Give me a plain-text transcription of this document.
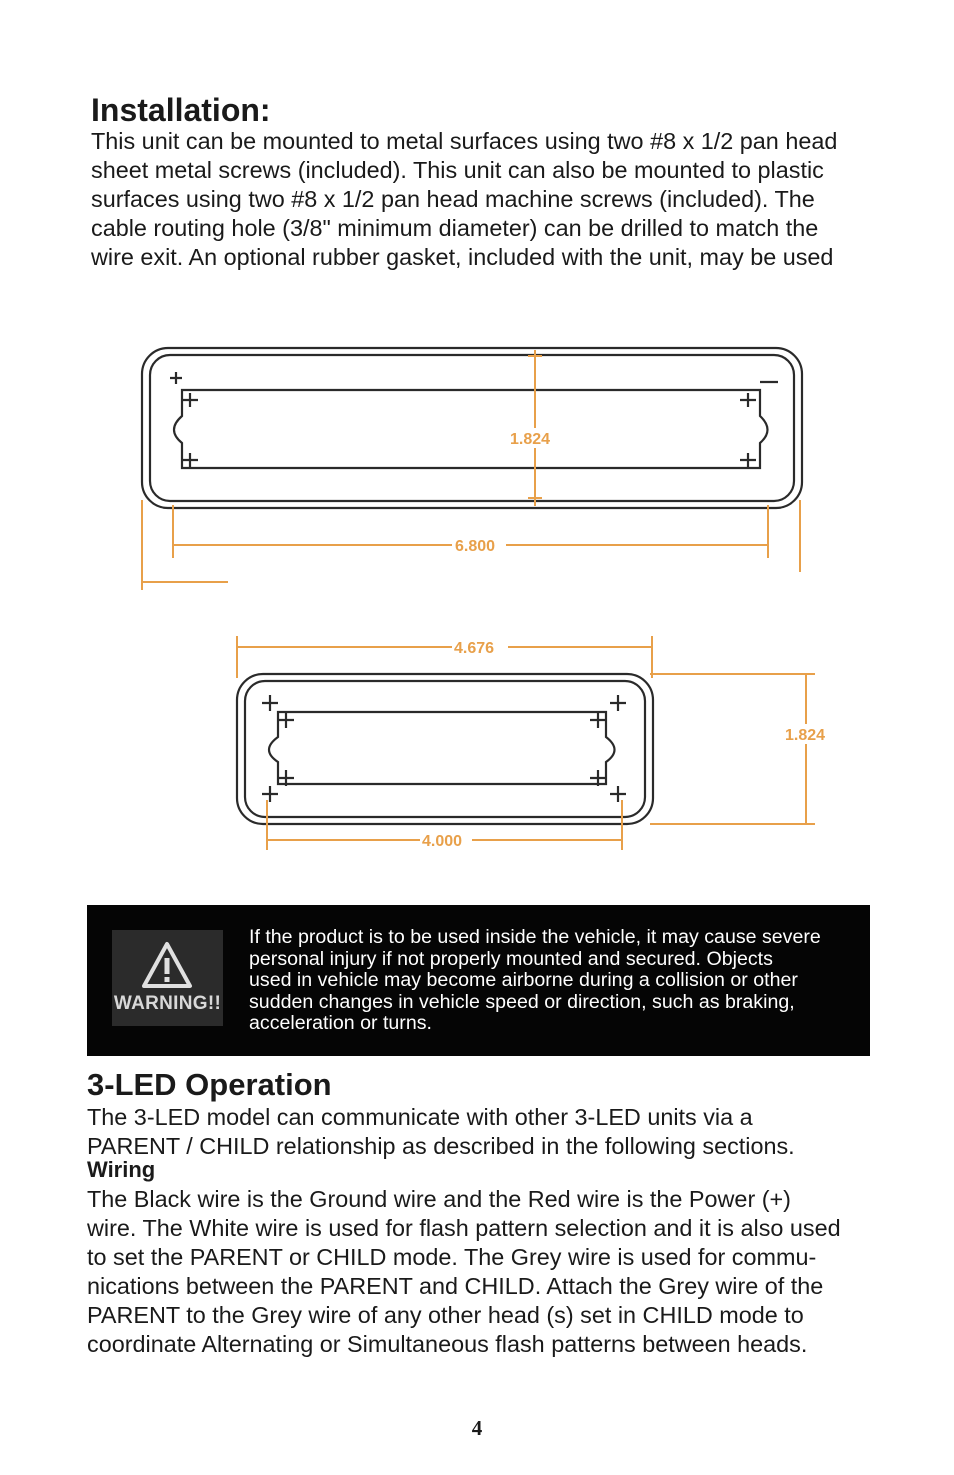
Installation:
This unit can be mounted to metal surfaces using two #8 x 1/2 pan head
sheet metal screws (included). This unit can also be mounted to plastic
surfaces using two #8 x 1/2 pan head machine screws (included). The
cable routing hole (3/8" minimum diameter) can be drilled to match the
wire exit. An optional rubber gasket, included with the unit, may be used
1.824
6.800
4.676
1.824
4.000
WARNING!!
If the product is to be used inside the vehicle, it may cause severe
personal injury if not properly mounted and secured. Objects
used in vehicle may become airborne during a collision or other
sudden changes in vehicle speed or direction, such as braking,
acceleration or turns.
3-LED Operation
The 3-LED model can communicate with other 3-LED units via a
PARENT / CHILD relationship as described in the following sections.
Wiring
The Black wire is the Ground wire and the Red wire is the Power (+)
wire. The White wire is used for flash pattern selection and it is also used
to set the PARENT or CHILD mode. The Grey wire is used for commu-
nications between the PARENT and CHILD. Attach the Grey wire of the
PARENT to the Grey wire of any other head (s) set in CHILD mode to
coordinate Alternating or Simultaneous flash patterns between heads.
4
